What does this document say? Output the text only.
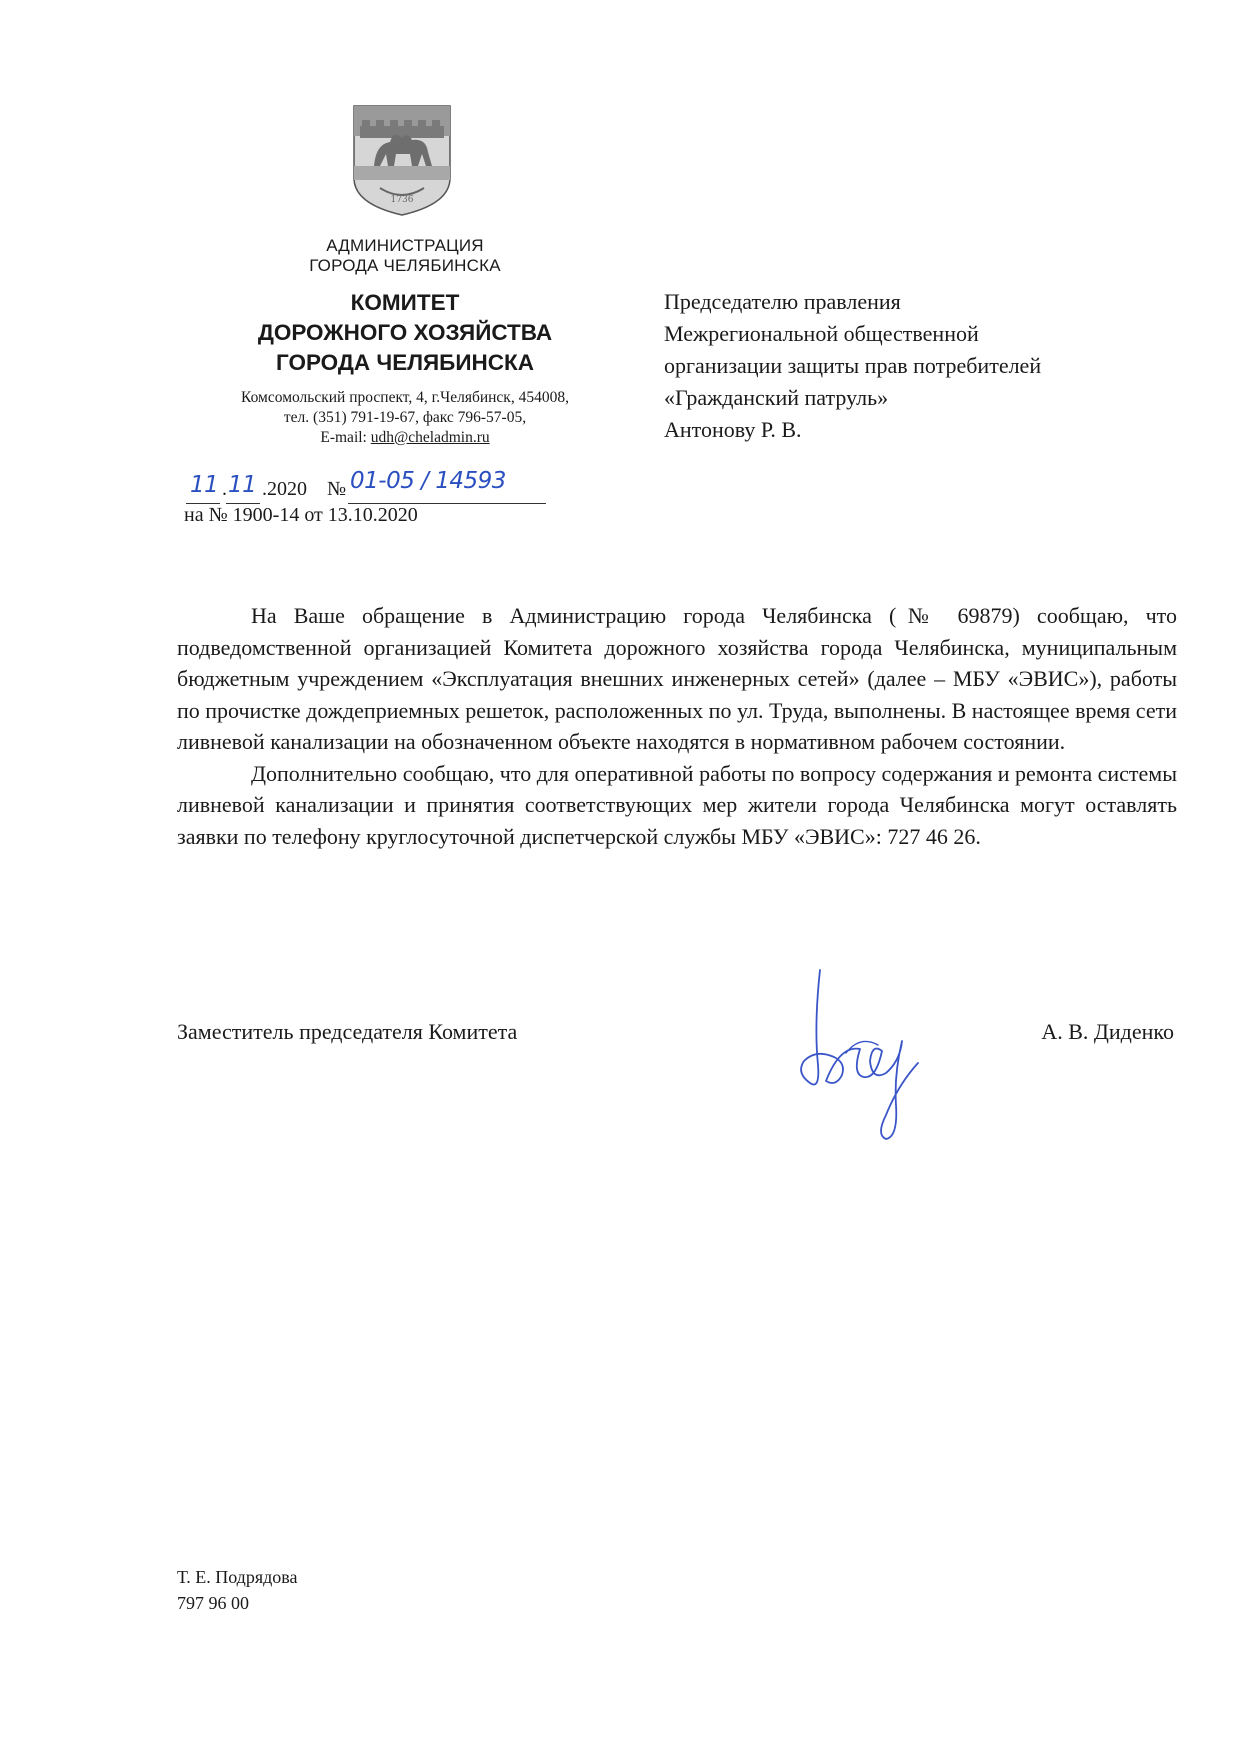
1736
АДМИНИСТРАЦИЯ
ГОРОДА ЧЕЛЯБИНСКА
КОМИТЕТ
ДОРОЖНОГО ХОЗЯЙСТВА
ГОРОДА ЧЕЛЯБИНСКА
Комсомольский проспект, 4, г.Челябинск, 454008,
тел. (351) 791-19-67, факс 796-57-05,
E-mail: udh@cheladmin.ru
11 . 11 .2020 № 01-05 / 14593
на № 1900-14 от 13.10.2020
Председателю правления
Межрегиональной общественной
организации защиты прав потребителей
«Гражданский патруль»
Антонову Р. В.

На Ваше обращение в Администрацию города Челябинска (№ 69879) сообщаю, что подведомственной организацией Комитета дорожного хозяйства города Челябинска, муниципальным бюджетным учреждением «Эксплуатация внешних инженерных сетей» (далее – МБУ «ЭВИС»), работы по прочистке дождеприемных решеток, расположенных по ул. Труда, выполнены. В настоящее время сети ливневой канализации на обозначенном объекте находятся в нормативном рабочем состоянии.

Дополнительно сообщаю, что для оперативной работы по вопросу содержания и ремонта системы ливневой канализации и принятия соответствующих мер жители города Челябинска могут оставлять заявки по телефону круглосуточной диспетчерской службы МБУ «ЭВИС»: 727 46 26.

Заместитель председателя Комитета	А. В. Диденко
Т. Е. Подрядова
797 96 00
